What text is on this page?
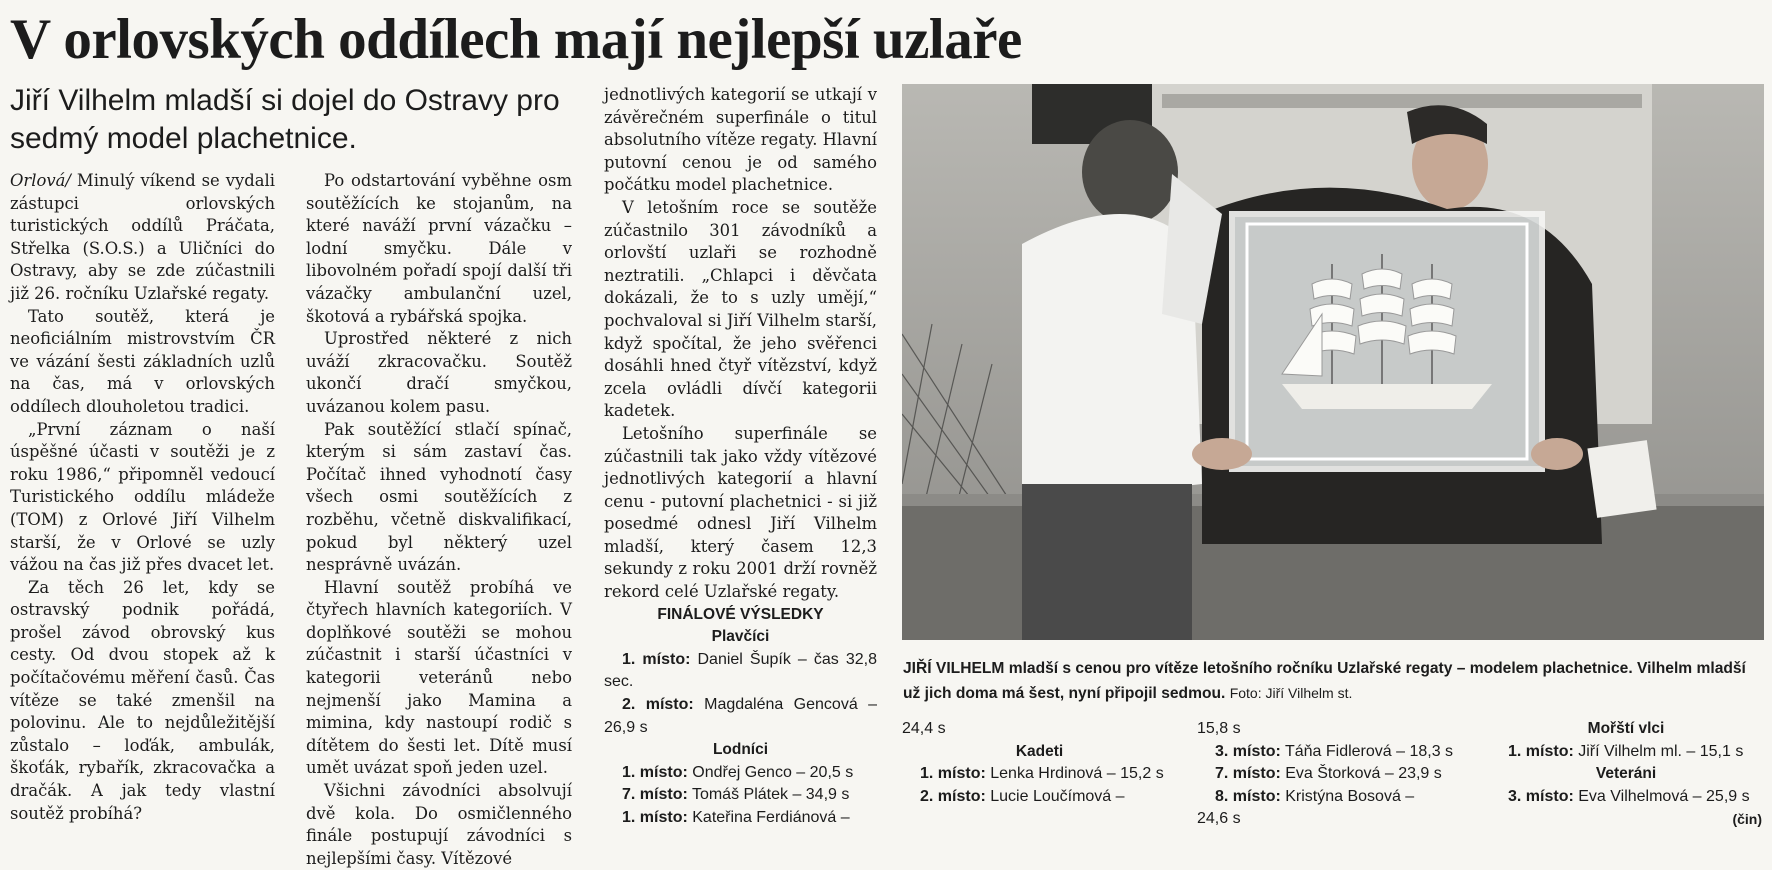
V orlovských oddílech mají nejlepší uzlaře
Jiří Vilhelm mladší si dojel do Ostravy pro sedmý model plachetnice.

Orlová/ Minulý víkend se vydali zástupci orlovských turistických oddílů Práčata, Střelka (S.O.S.) a Uličníci do Ostravy, aby se zde zúčastnili již 26. ročníku Uzlařské regaty.

Tato soutěž, která je neoficiálním mistrovstvím ČR ve vázání šesti základních uzlů na čas, má v orlovských oddílech dlouholetou tradici.

„První záznam o naší úspěšné účasti v soutěži je z roku 1986,“ připomněl vedoucí Turistického oddílu mládeže (TOM) z Orlové Jiří Vilhelm starší, že v Orlové se uzly vážou na čas již přes dvacet let.

Za těch 26 let, kdy se ostravský podnik pořádá, prošel závod obrovský kus cesty. Od dvou stopek až k počítačovému měření časů. Čas vítěze se také zmenšil na polovinu. Ale to nejdůležitější zůstalo – loďák, ambulák, škoťák, rybařík, zkracovačka a dračák. A jak tedy vlastní soutěž probíhá?

Po odstartování vyběhne osm soutěžících ke stojanům, na které naváží první vázačku – lodní smyčku. Dále v libovolném pořadí spojí další tři vázačky ambulanční uzel, škotová a rybářská spojka.

Uprostřed některé z nich uváží zkracovačku. Soutěž ukončí dračí smyčkou, uvázanou kolem pasu.

Pak soutěžící stlačí spínač, kterým si sám zastaví čas. Počítač ihned vyhodnotí časy všech osmi soutěžících z rozběhu, včetně diskvalifikací, pokud byl některý uzel nesprávně uvázán.

Hlavní soutěž probíhá ve čtyřech hlavních kategoriích. V doplňkové soutěži se mohou zúčastnit i starší účastníci v kategorii veteránů nebo nejmenší jako Mamina a mimina, kdy nastoupí rodič s dítětem do šesti let. Dítě musí umět uvázat spoň jeden uzel.

Všichni závodníci absolvují dvě kola. Do osmičlenného finále postupují závodníci s nejlepšími časy. Vítězové

jednotlivých kategorií se utkají v závěrečném superfinále o titul absolutního vítěze regaty. Hlavní putovní cenou je od samého počátku model plachetnice.

V letošním roce se soutěže zúčastnilo 301 závodníků a orlovští uzlaři se rozhodně neztratili. „Chlapci i děvčata dokázali, že to s uzly umějí,“ pochvaloval si Jiří Vilhelm starší, když spočítal, že jeho svěřenci dosáhli hned čtyř vítězství, když zcela ovládli dívčí kategorii kadetek.

Letošního superfinále se zúčastnili tak jako vždy vítězové jednotlivých kategorií a hlavní cenu - putovní plachetnici - si již posedmé odnesl Jiří Vilhelm mladší, který časem 12,3 sekundy z roku 2001 drží rovněž rekord celé Uzlařské regaty.

FINÁLOVÉ VÝSLEDKY
Plavčíci
1. místo: Daniel Šupík – čas 32,8 sec.
2. místo: Magdaléna Gencová – 26,9 s
Lodníci
1. místo: Ondřej Genco – 20,5 s
7. místo: Tomáš Plátek – 34,9 s
1. místo: Kateřina Ferdiánová –
JIŘÍ VILHELM mladší s cenou pro vítěze letošního ročníku Uzlařské regaty – modelem plachetnice. Vilhelm mladší už jich doma má šest, nyní připojil sedmou. Foto: Jiří Vilhelm st.
24,4 s
Kadeti
1. místo: Lenka Hrdinová – 15,2 s
2. místo: Lucie Loučímová –
15,8 s
3. místo: Táňa Fidlerová – 18,3 s
7. místo: Eva Štorková – 23,9 s
8. místo: Kristýna Bosová –
24,6 s
Mořští vlci
1. místo: Jiří Vilhelm ml. – 15,1 s
Veteráni
3. místo: Eva Vilhelmová – 25,9 s
(čin)
